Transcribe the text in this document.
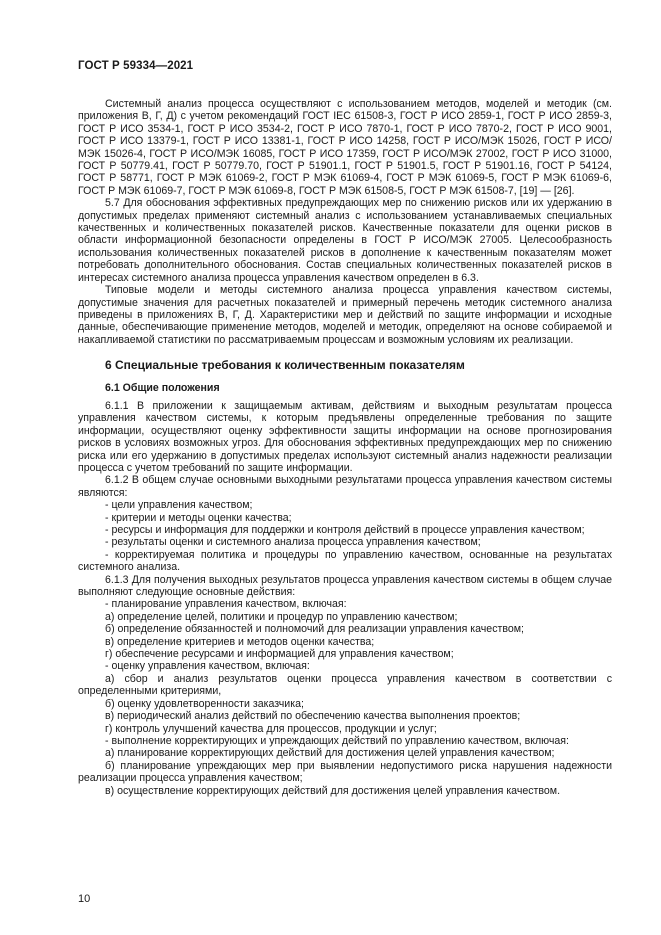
ГОСТ Р 59334—2021

Системный анализ процесса осуществляют с использованием методов, моделей и методик (см. приложения В, Г, Д) с учетом рекомендаций ГОСТ IEC 61508-3, ГОСТ Р ИСО 2859-1, ГОСТ Р ИСО 2859-3, ГОСТ Р ИСО 3534-1, ГОСТ Р ИСО 3534-2, ГОСТ Р ИСО 7870-1, ГОСТ Р ИСО 7870-2, ГОСТ Р ИСО 9001, ГОСТ Р ИСО 13379-1, ГОСТ Р ИСО 13381-1, ГОСТ Р ИСО 14258, ГОСТ Р ИСО/МЭК 15026, ГОСТ Р ИСО/МЭК 15026-4, ГОСТ Р ИСО/МЭК 16085, ГОСТ Р ИСО 17359, ГОСТ Р ИСО/МЭК 27002, ГОСТ Р ИСО 31000, ГОСТ Р 50779.41, ГОСТ Р 50779.70, ГОСТ Р 51901.1, ГОСТ Р 51901.5, ГОСТ Р 51901.16, ГОСТ Р 54124, ГОСТ Р 58771, ГОСТ Р МЭК 61069-2, ГОСТ Р МЭК 61069-4, ГОСТ Р МЭК 61069-5, ГОСТ Р МЭК 61069-6, ГОСТ Р МЭК 61069-7, ГОСТ Р МЭК 61069-8, ГОСТ Р МЭК 61508-5, ГОСТ Р МЭК 61508-7, [19] — [26].

5.7 Для обоснования эффективных предупреждающих мер по снижению рисков или их удержанию в допустимых пределах применяют системный анализ с использованием устанавливаемых специальных качественных и количественных показателей рисков. Качественные показатели для оценки рисков в области информационной безопасности определены в ГОСТ Р ИСО/МЭК 27005. Целесообразность использования количественных показателей рисков в дополнение к качественным показателям может потребовать дополнительного обоснования. Состав специальных количественных показателей рисков в интересах системного анализа процесса управления качеством определен в 6.3.

Типовые модели и методы системного анализа процесса управления качеством системы, допустимые значения для расчетных показателей и примерный перечень методик системного анализа приведены в приложениях В, Г, Д. Характеристики мер и действий по защите информации и исходные данные, обеспечивающие применение методов, моделей и методик, определяют на основе собираемой и накапливаемой статистики по рассматриваемым процессам и возможным условиям их реализации.

6 Специальные требования к количественным показателям
6.1 Общие положения

6.1.1 В приложении к защищаемым активам, действиям и выходным результатам процесса управления качеством системы, к которым предъявлены определенные требования по защите информации, осуществляют оценку эффективности защиты информации на основе прогнозирования рисков в условиях возможных угроз. Для обоснования эффективных предупреждающих мер по снижению риска или его удержанию в допустимых пределах используют системный анализ надежности реализации процесса с учетом требований по защите информации.

6.1.2 В общем случае основными выходными результатами процесса управления качеством системы являются:

- цели управления качеством;

- критерии и методы оценки качества;

- ресурсы и информация для поддержки и контроля действий в процессе управления качеством;

- результаты оценки и системного анализа процесса управления качеством;

- корректируемая политика и процедуры по управлению качеством, основанные на результатах системного анализа.

6.1.3 Для получения выходных результатов процесса управления качеством системы в общем случае выполняют следующие основные действия:

- планирование управления качеством, включая:

а) определение целей, политики и процедур по управлению качеством;

б) определение обязанностей и полномочий для реализации управления качеством;

в) определение критериев и методов оценки качества;

г) обеспечение ресурсами и информацией для управления качеством;

- оценку управления качеством, включая:

а) сбор и анализ результатов оценки процесса управления качеством в соответствии с определенными критериями,

б) оценку удовлетворенности заказчика;

в) периодический анализ действий по обеспечению качества выполнения проектов;

г) контроль улучшений качества для процессов, продукции и услуг;

- выполнение корректирующих и упреждающих действий по управлению качеством, включая:

а) планирование корректирующих действий для достижения целей управления качеством;

б) планирование упреждающих мер при выявлении недопустимого риска нарушения надежности реализации процесса управления качеством;

в) осуществление корректирующих действий для достижения целей управления качеством.

10
